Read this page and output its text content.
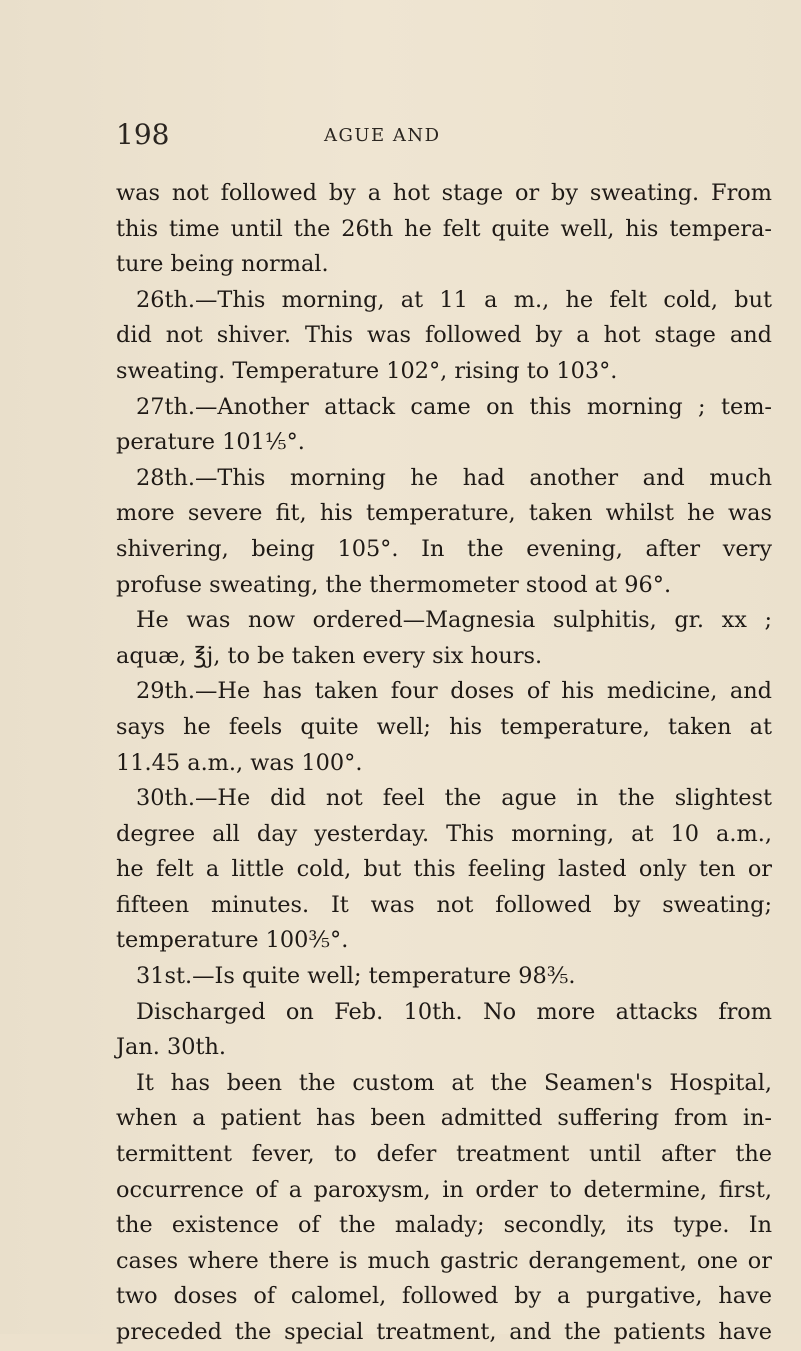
198	AGUE AND
was not followed by a hot stage or by sweating. From
this time until the 26th he felt quite well, his tempera-
ture being normal.
26th.—This morning, at 11 a m., he felt cold, but
did not shiver. This was followed by a hot stage and
sweating. Temperature 102°, rising to 103°.
27th.—Another attack came on this morning ; tem-
perature 101⅕°.
28th.—This morning he had another and much
more severe fit, his temperature, taken whilst he was
shivering, being 105°. In the evening, after very
profuse sweating, the thermometer stood at 96°.
He was now ordered—Magnesia sulphitis, gr. xx ;
aquæ, ℥j, to be taken every six hours.
29th.—He has taken four doses of his medicine, and
says he feels quite well; his temperature, taken at
11.45 a.m., was 100°.
30th.—He did not feel the ague in the slightest
degree all day yesterday. This morning, at 10 a.m.,
he felt a little cold, but this feeling lasted only ten or
fifteen minutes. It was not followed by sweating;
temperature 100⅗°.
31st.—Is quite well; temperature 98⅗.
Discharged on Feb. 10th. No more attacks from
Jan. 30th.
It has been the custom at the Seamen's Hospital,
when a patient has been admitted suffering from in-
termittent fever, to defer treatment until after the
occurrence of a paroxysm, in order to determine, first,
the existence of the malady; secondly, its type. In
cases where there is much gastric derangement, one or
two doses of calomel, followed by a purgative, have
preceded the special treatment, and the patients have
